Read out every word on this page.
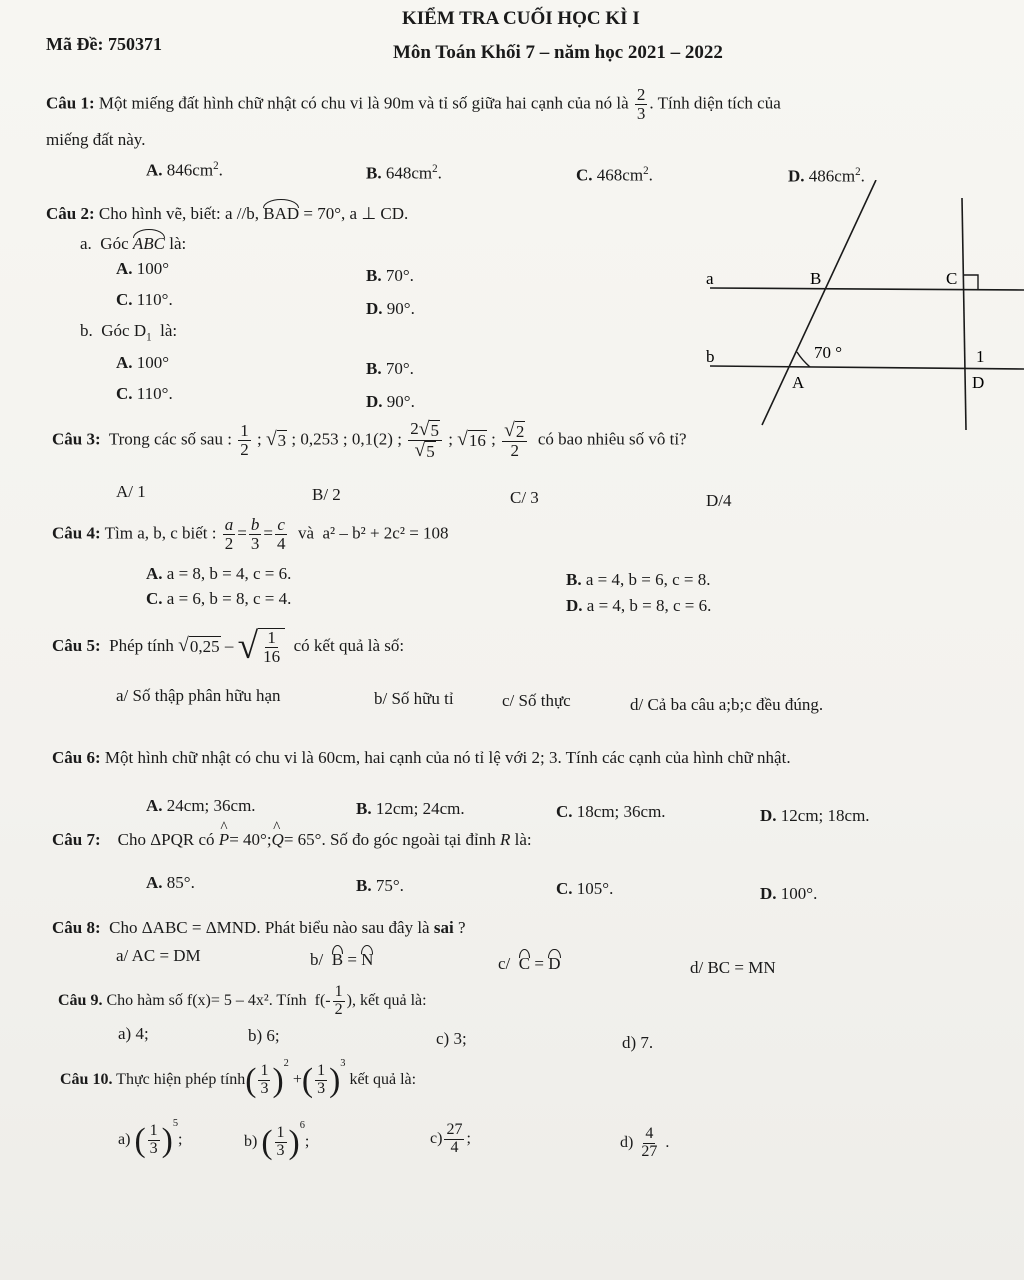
KIỂM TRA CUỐI HỌC KÌ I
Mã Đề: 750371	Môn Toán Khối 7 – năm học 2021 – 2022
Câu 1: Một miếng đất hình chữ nhật có chu vi là 90m và tỉ số giữa hai cạnh của nó là $\frac{2}{3}$ . Tính diện tích của
miếng đất này.
A. $846cm^2$.	B. $648cm^2$.	C. $468cm^2$.	D. $486cm^2$.
Câu 2: Cho hình vẽ, biết: a //b, BAD = 70°, a ⊥ CD.
a. Góc ABC là:
A. 100°	B. 70°.
C. 110°.	D. 90°.
b. Góc $D_1$ là:
A. 100°	B. 70°.
C. 110°.	D. 90°.
a
b
B	C
A	D
1
70 °
Câu 3: Trong các số sau : $\frac{1}{2}$ ; √ 3 ; 0,253 ; 0,1(2) ; $\frac{2 √ 5}{√ 5}$ ; √ 16 ; $\frac{√ 2}{2}$ có bao nhiêu số vô tỉ?
A/ 1	B/ 2	C/ 3	D/4
Câu 4: Tìm a, b, c biết : $\frac{a}{2} = \frac{b}{3} = \frac{c}{4}$ và a² – b² + 2c² = 108
A. a = 8, b = 4, c = 6.	B. a = 4, b = 6, c = 8.
C. a = 6, b = 8, c = 4.	D. a = 4, b = 8, c = 6.
Câu 5: Phép tính √ 0,25 – √ $\frac{1}{16}$ có kết quả là số:
a/ Số thập phân hữu hạn	b/ Số hữu tỉ	c/ Số thực	d/ Cả ba câu a;b;c đều đúng.
Câu 6: Một hình chữ nhật có chu vi là 60cm, hai cạnh của nó tỉ lệ với 2; 3. Tính các cạnh của hình chữ nhật.
A. 24cm; 36cm.	B. 12cm; 24cm.	C. 18cm; 36cm.	D. 12cm; 18cm.
Câu 7: Cho ΔPQR có ^ P= 40°;^ Q= 65°. Số đo góc ngoài tại đỉnh R là:
A. 85°.	B. 75°.	C. 105°.	D. 100°.
Câu 8: Cho ΔABC = ΔMND. Phát biểu nào sau đây là sai ?
a/ AC = DM	b/ B = N	c/ C = D	d/ BC = MN
Câu 9. Cho hàm số f(x)= 5 – 4x². Tính $f(- \frac{1}{2}$ ), kết quả là:
a) 4;	b) 6;	c) 3;	d) 7.
Câu 10. Thực hiện phép tính ( $\frac{1}{3}$ ) $^2$ + ( $\frac{1}{3}$ ) $^3$ kết quả là:
a) ( $\frac{1}{3}$ ) $^5$;	b) ( $\frac{1}{3}$ ) $^6$;	$c) \frac{27}{4}$ ;	$d) \frac{4}{27}$ .
